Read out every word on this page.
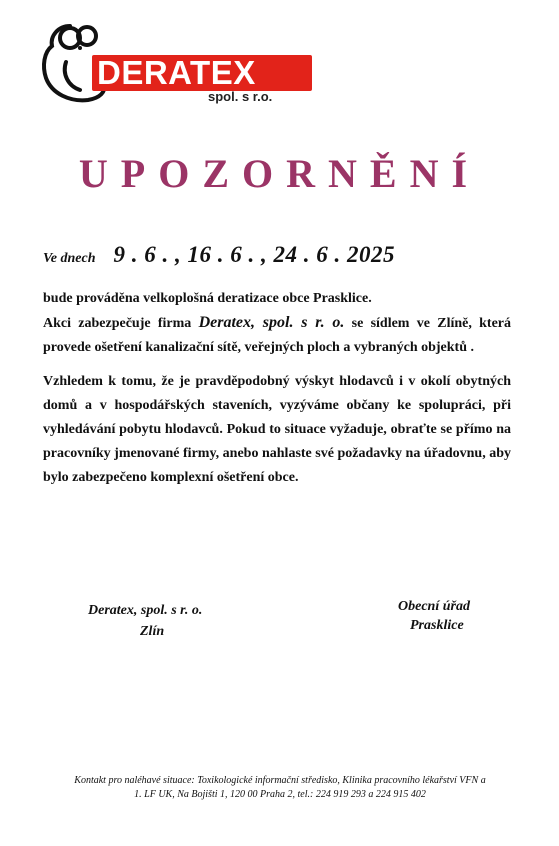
DERATEX
spol. s r.o.
UPOZORNĚNÍ
Ve dnech 9 . 6 . , 16 . 6 . , 24 . 6 . 2025

bude prováděna velkoplošná deratizace obce Prasklice.
Akci zabezpečuje firma Deratex, spol. s r. o. se sídlem ve Zlíně, která provede ošetření kanalizační sítě, veřejných ploch a vybraných objektů .

Vzhledem k tomu, že je pravděpodobný výskyt hlodavců i v okolí obytných domů a v hospodářských staveních, vyzýváme občany ke spolupráci, při vyhledávání pobytu hlodavců. Pokud to situace vyžaduje, obraťte se přímo na pracovníky jmenované firmy, anebo nahlaste své požadavky na úřadovnu, aby bylo zabezpečeno komplexní ošetření obce.

Deratex, spol. s r. o.
Zlín
Obecní úřad
Prasklice
Kontakt pro naléhavé situace: Toxikologické informační středisko, Klinika pracovního lékařství VFN a
1. LF UK, Na Bojišti 1, 120 00 Praha 2, tel.: 224 919 293 a 224 915 402
